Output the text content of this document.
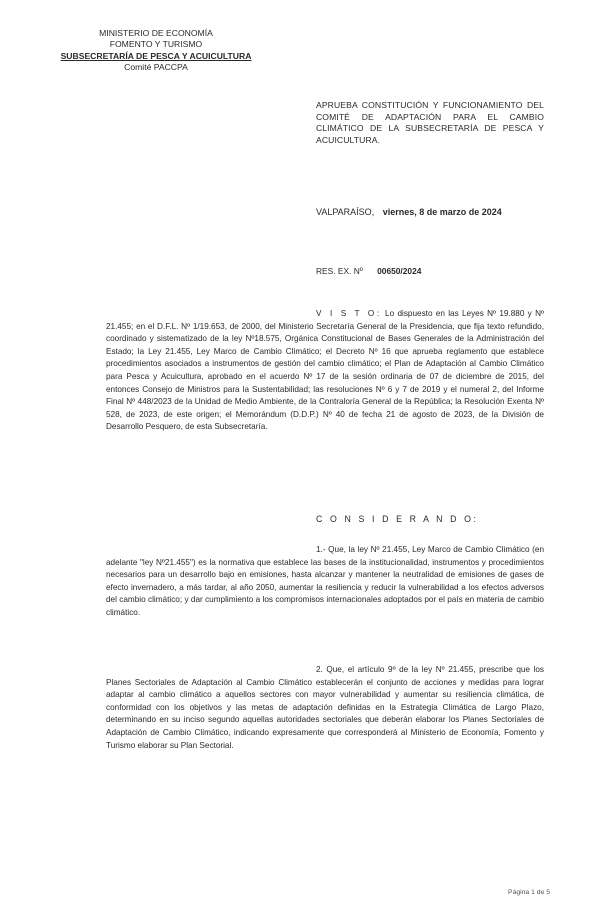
MINISTERIO DE ECONOMÍA
FOMENTO Y TURISMO
SUBSECRETARÍA DE PESCA Y ACUICULTURA
Comité PACCPA
APRUEBA CONSTITUCIÓN Y FUNCIONAMIENTO DEL COMITÉ DE ADAPTACIÓN PARA EL CAMBIO CLIMÁTICO DE LA SUBSECRETARÍA DE PESCA Y ACUICULTURA.
VALPARAÍSO, viernes, 8 de marzo de 2024
RES. EX. Nº 00650/2024
V I S T O: Lo dispuesto en las Leyes Nº 19.880 y Nº 21.455; en el D.F.L. Nº 1/19.653, de 2000, del Ministerio Secretaría General de la Presidencia, que fija texto refundido, coordinado y sistematizado de la ley Nº18.575, Orgánica Constitucional de Bases Generales de la Administración del Estado; la Ley 21.455, Ley Marco de Cambio Climático; el Decreto Nº 16 que aprueba reglamento que establece procedimientos asociados a instrumentos de gestión del cambio climático; el Plan de Adaptación al Cambio Climático para Pesca y Acuicultura, aprobado en el acuerdo Nº 17 de la sesión ordinaria de 07 de diciembre de 2015, del entonces Consejo de Ministros para la Sustentabilidad; las resoluciones Nº 6 y 7 de 2019 y el numeral 2, del Informe Final Nº 448/2023 de la Unidad de Medio Ambiente, de la Contraloría General de la República; la Resolución Exenta Nº 528, de 2023, de este origen; el Memorándum (D.D.P.) Nº 40 de fecha 21 de agosto de 2023, de la División de Desarrollo Pesquero, de esta Subsecretaría.
C O N S I D E R A N D O:
1.- Que, la ley Nº 21.455, Ley Marco de Cambio Climático (en adelante "ley Nº21.455") es la normativa que establece las bases de la institucionalidad, instrumentos y procedimientos necesarios para un desarrollo bajo en emisiones, hasta alcanzar y mantener la neutralidad de emisiones de gases de efecto invernadero, a más tardar, al año 2050, aumentar la resiliencia y reducir la vulnerabilidad a los efectos adversos del cambio climático; y dar cumplimiento a los compromisos internacionales adoptados por el país en materia de cambio climático.
2. Que, el artículo 9º de la ley Nº 21.455, prescribe que los Planes Sectoriales de Adaptación al Cambio Climático establecerán el conjunto de acciones y medidas para lograr adaptar al cambio climático a aquellos sectores con mayor vulnerabilidad y aumentar su resiliencia climática, de conformidad con los objetivos y las metas de adaptación definidas en la Estrategia Climática de Largo Plazo, determinando en su inciso segundo aquellas autoridades sectoriales que deberán elaborar los Planes Sectoriales de Adaptación de Cambio Climático, indicando expresamente que corresponderá al Ministerio de Economía, Fomento y Turismo elaborar su Plan Sectorial.
Página 1 de 5
